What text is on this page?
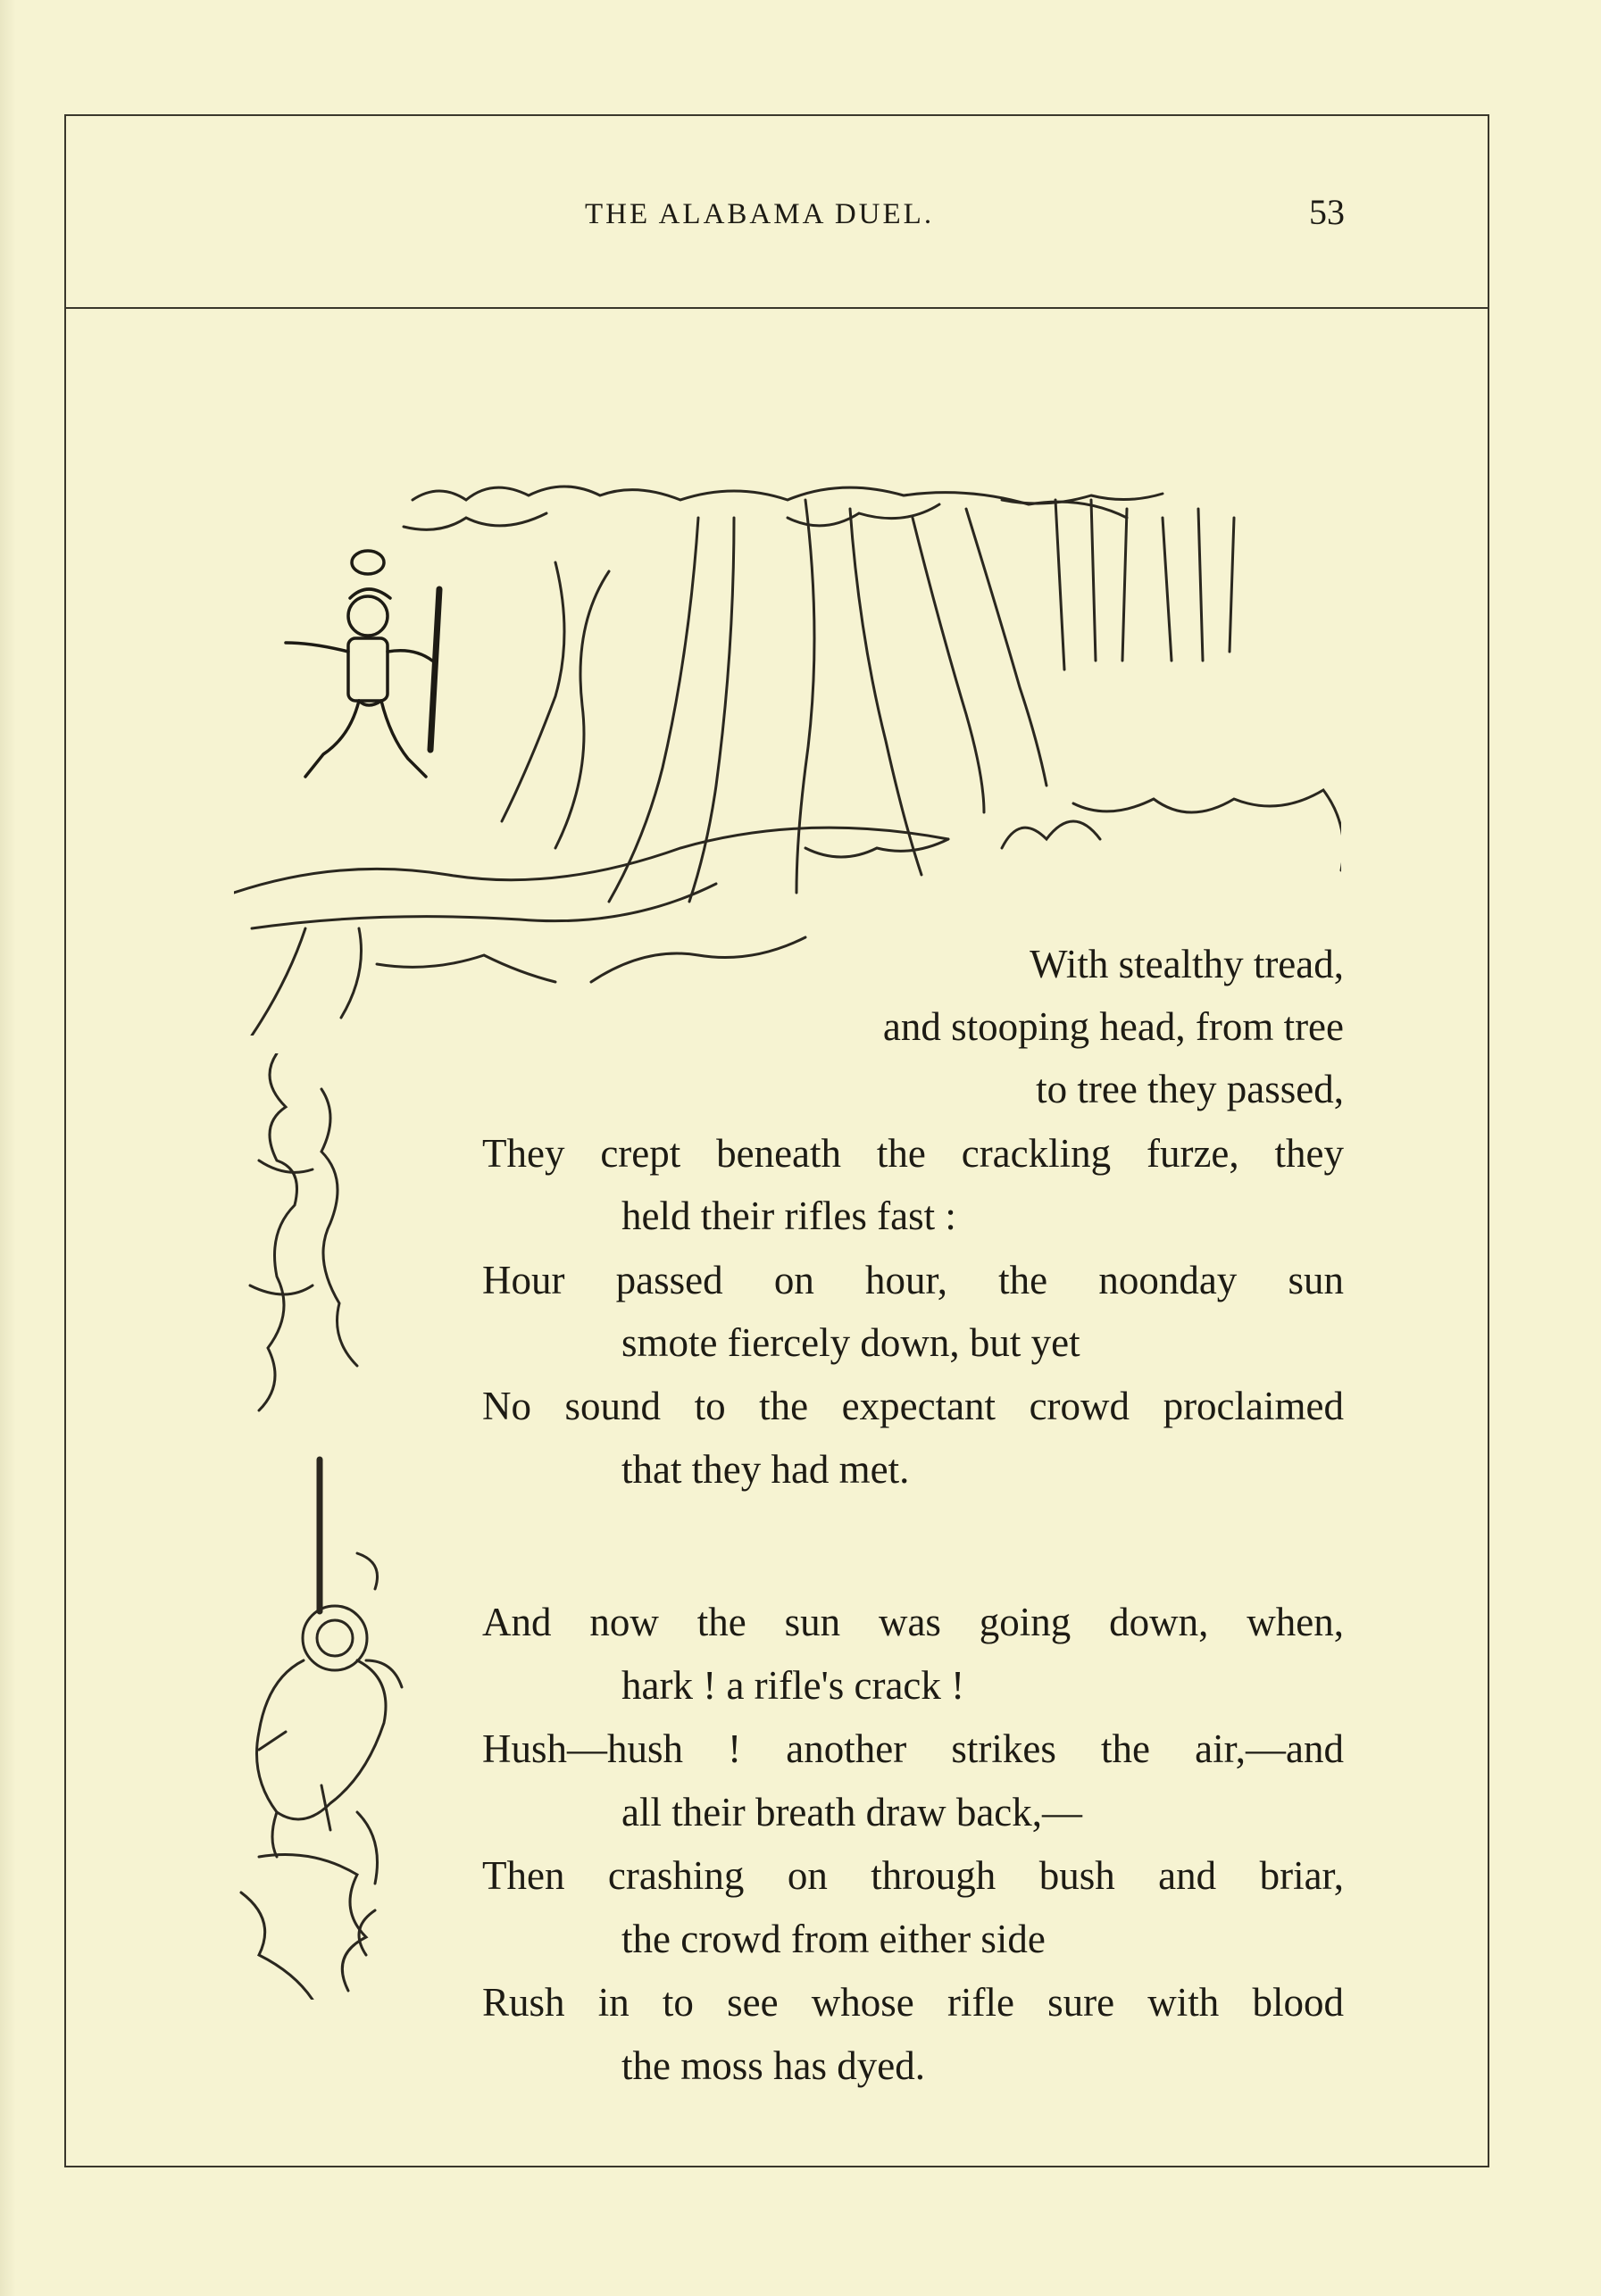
THE ALABAMA DUEL.	53
With stealthy tread,
and stooping head, from tree
to tree they passed,
They crept beneath the crackling furze, they
held their rifles fast :
Hour passed on hour, the noonday sun
smote fiercely down, but yet
No sound to the expectant crowd proclaimed
that they had met.
And now the sun was going down, when,
hark ! a rifle's crack !
Hush—hush ! another strikes the air,—and
all their breath draw back,—
Then crashing on through bush and briar,
the crowd from either side
Rush in to see whose rifle sure with blood
the moss has dyed.
